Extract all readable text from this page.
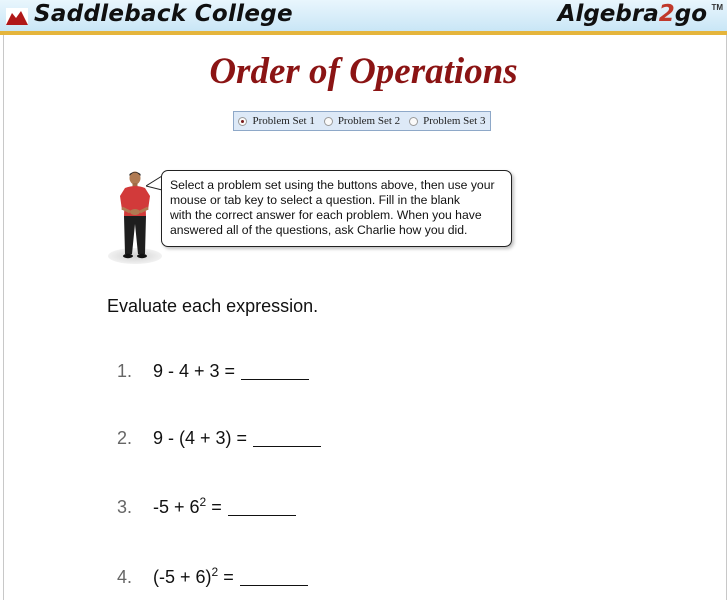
Saddleback College	Algebra2go TM
Order of Operations
Problem Set 1 Problem Set 2 Problem Set 3
Select a problem set using the buttons above, then use your
mouse or tab key to select a question. Fill in the blank
with the correct answer for each problem. When you have
answered all of the questions, ask Charlie how you did.
Evaluate each expression.
1.	9 - 4 + 3 =
2.	9 - (4 + 3) =
3.	$-5 + 6^2$ =
4.	$(-5 + 6)^2$ =
